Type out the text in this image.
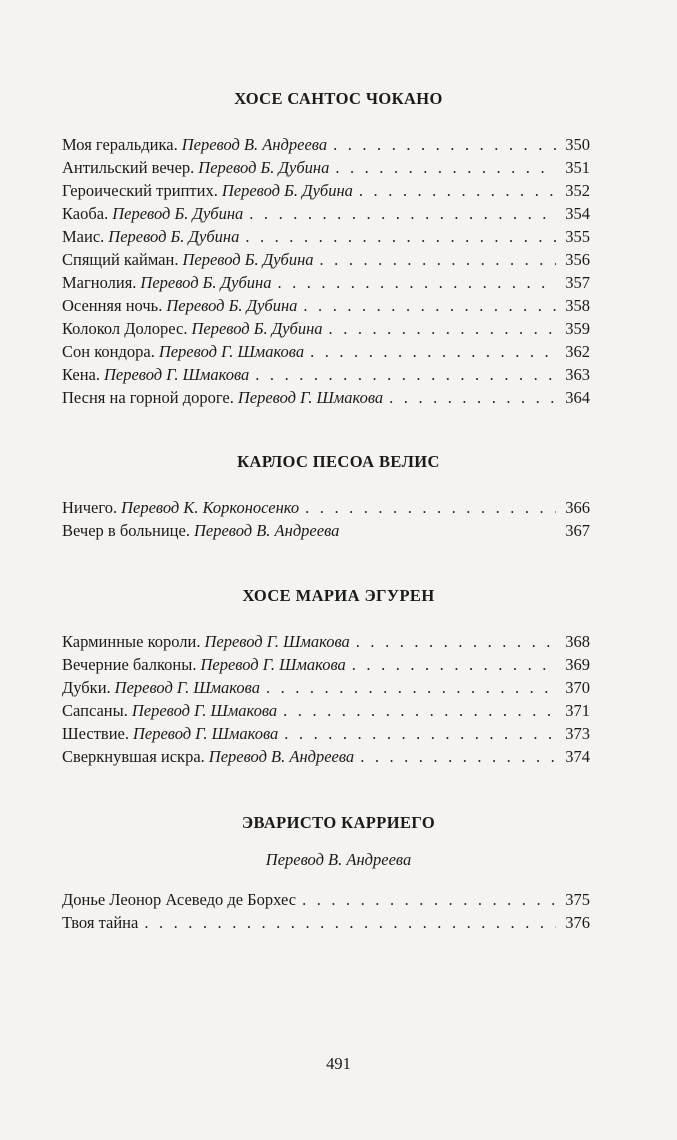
ХОСЕ САНТОС ЧОКАНО
Моя геральдика. Перевод В. Андреева . . .	350
Антильский вечер. Перевод Б. Дубина . . .	351
Героический триптих. Перевод Б. Дубина . . .	352
Каоба. Перевод Б. Дубина . . .	354
Маис. Перевод Б. Дубина . . .	355
Спящий кайман. Перевод Б. Дубина . . .	356
Магнолия. Перевод Б. Дубина . . .	357
Осенняя ночь. Перевод Б. Дубина . . .	358
Колокол Долорес. Перевод Б. Дубина . . .	359
Сон кондора. Перевод Г. Шмакова . . .	362
Кена. Перевод Г. Шмакова . . .	363
Песня на горной дороге. Перевод Г. Шмакова . . .	364
КАРЛОС ПЕСОА ВЕЛИС
Ничего. Перевод К. Корконосенко . . .	366
Вечер в больнице. Перевод В. Андреева	367
ХОСЕ МАРИА ЭГУРЕН
Карминные короли. Перевод Г. Шмакова . . .	368
Вечерние балконы. Перевод Г. Шмакова . . .	369
Дубки. Перевод Г. Шмакова . . .	370
Сапсаны. Перевод Г. Шмакова . . .	371
Шествие. Перевод Г. Шмакова . . .	373
Сверкнувшая искра. Перевод В. Андреева . . .	374
ЭВАРИСТО КАРРИЕГО
Перевод В. Андреева
Донье Леонор Асеведо де Борхес . . .	375
Твоя тайна . . .	376
491
